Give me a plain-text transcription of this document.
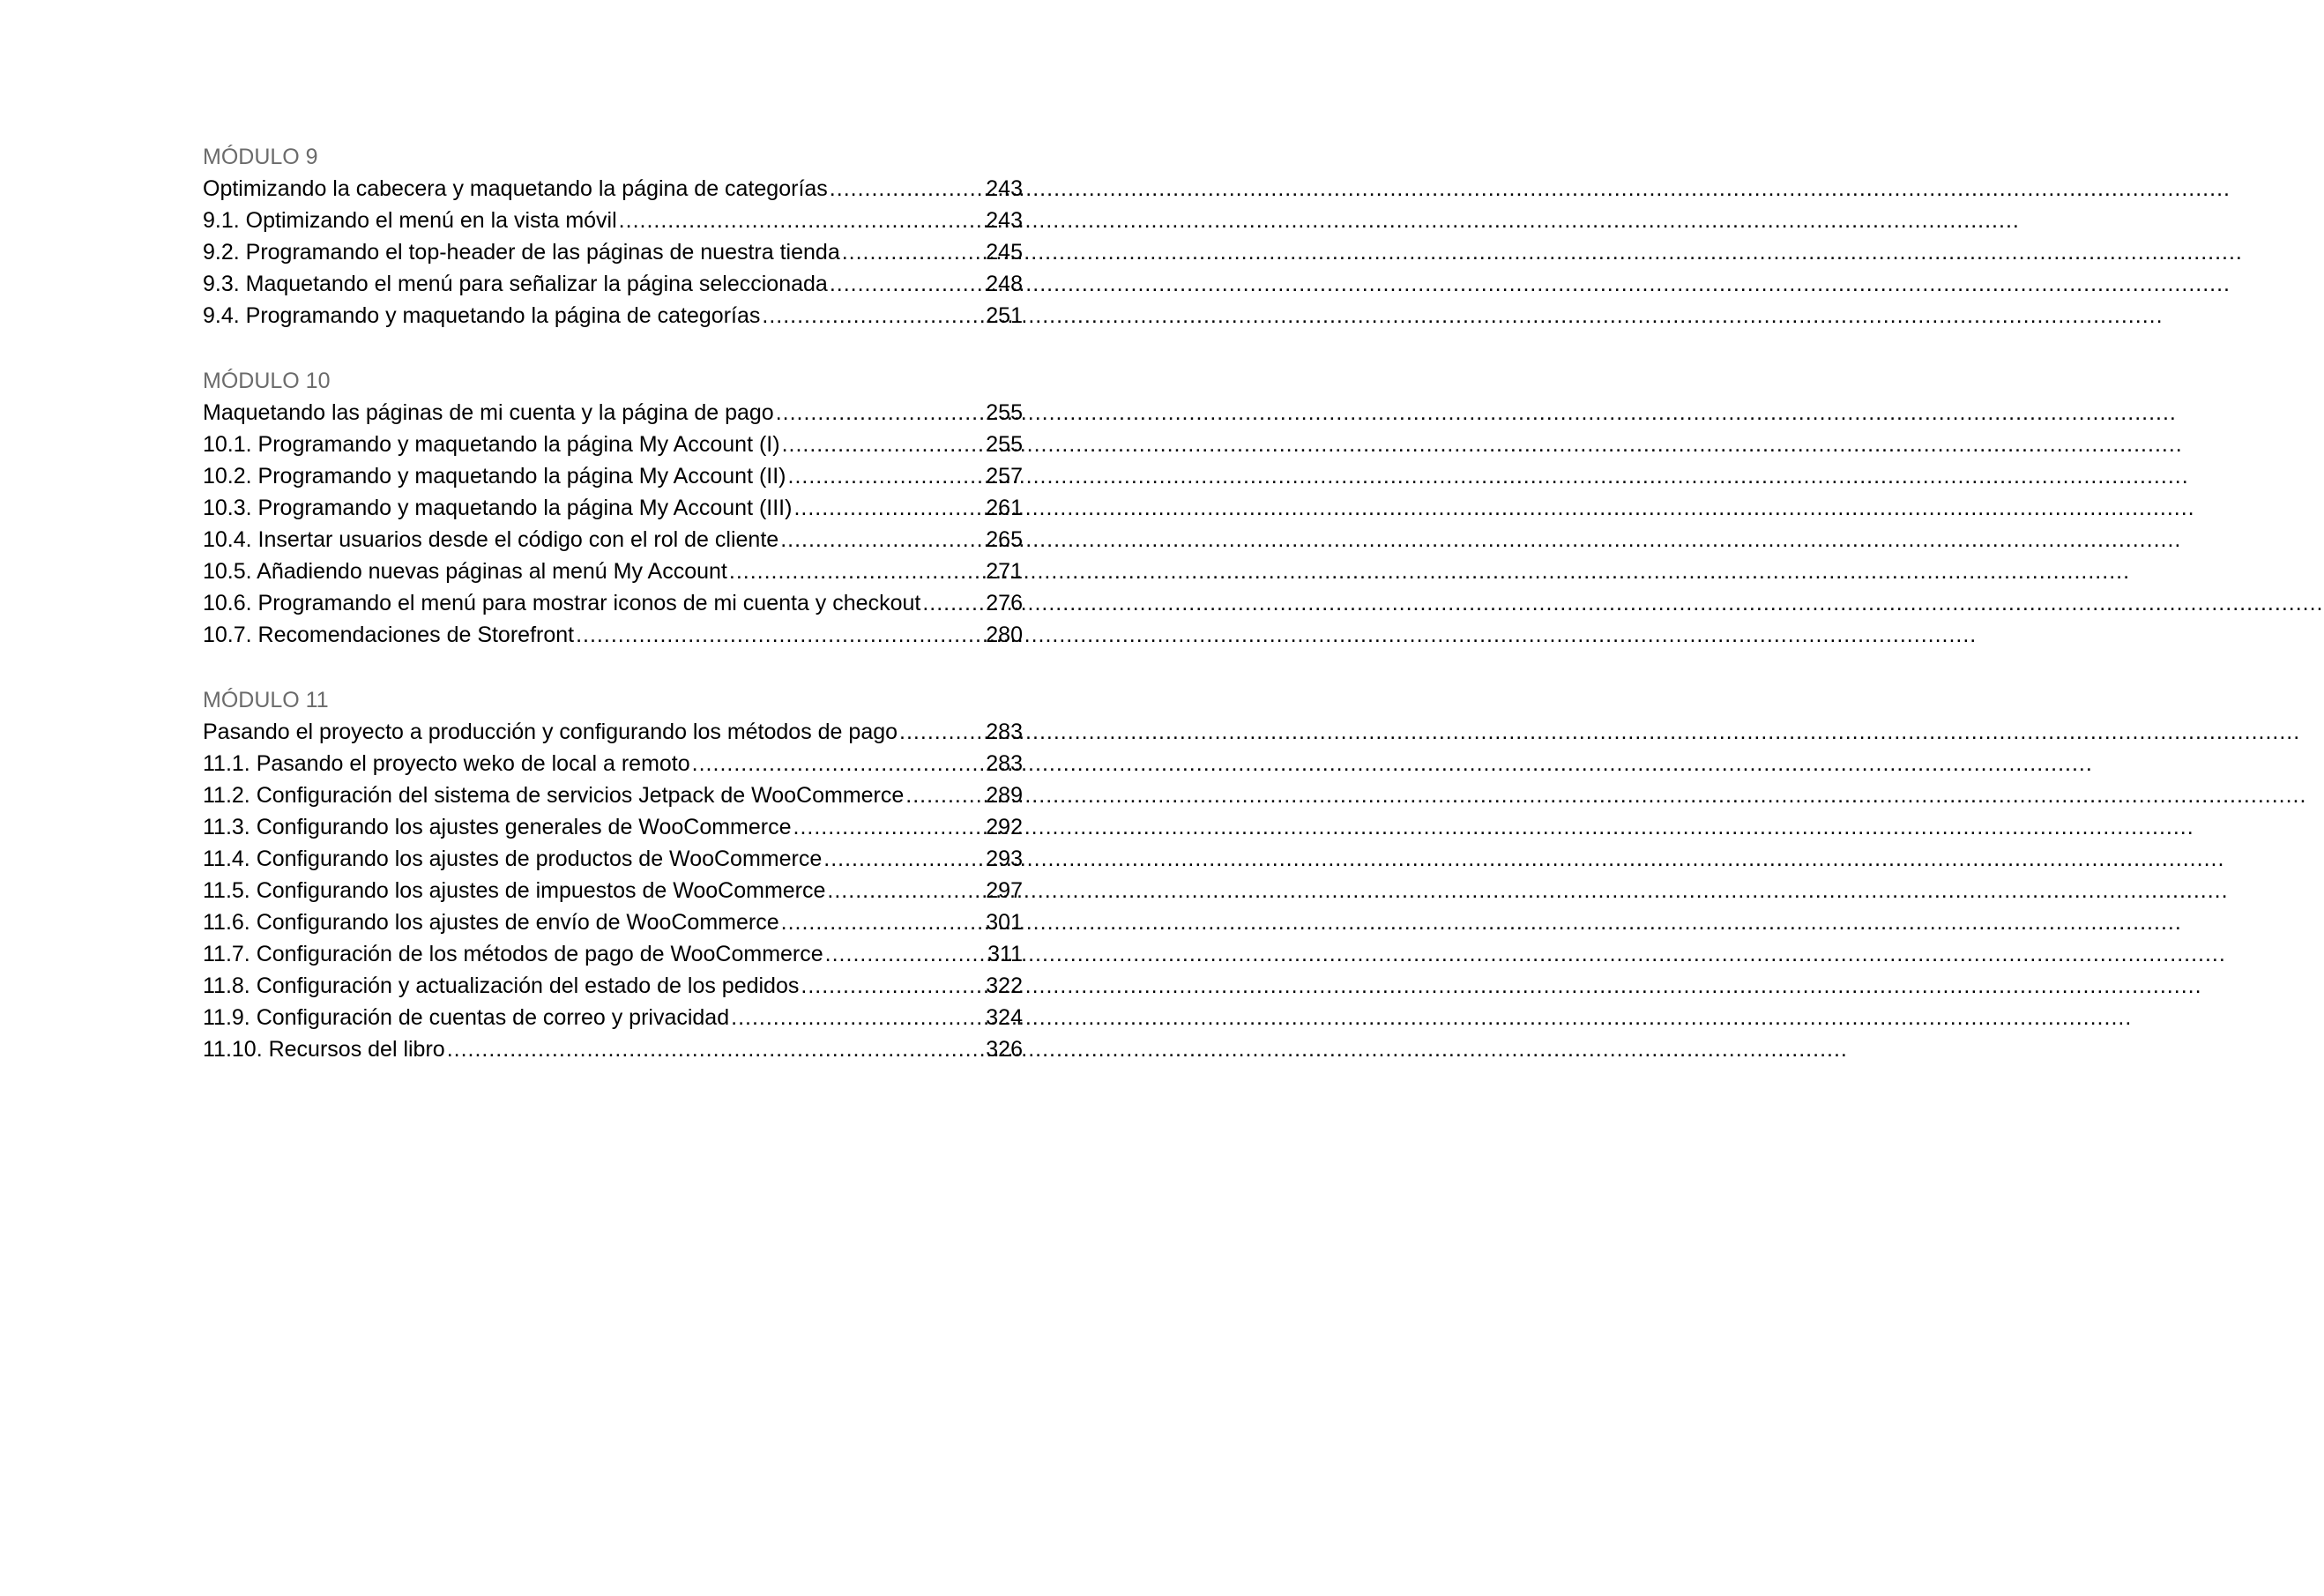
MÓDULO 9
Optimizando la cabecera y maquetando la página de categorías .....	243
9.1. Optimizando el menú en la vista móvil .....	243
9.2. Programando el top-header de las páginas de nuestra tienda .....	245
9.3. Maquetando el menú para señalizar la página seleccionada .....	248
9.4. Programando y maquetando la página de categorías .....	251
MÓDULO 10
Maquetando las páginas de mi cuenta y la página de pago .....	255
10.1. Programando y maquetando la página My Account (I) .....	255
10.2. Programando y maquetando la página My Account (II) .....	257
10.3. Programando y maquetando la página My Account (III) .....	261
10.4. Insertar usuarios desde el código con el rol de cliente .....	265
10.5. Añadiendo nuevas páginas al menú My Account .....	271
10.6. Programando el menú para mostrar iconos de mi cuenta y checkout .....	276
10.7. Recomendaciones de Storefront .....	280
MÓDULO 11
Pasando el proyecto a producción y configurando los métodos de pago .....	283
11.1. Pasando el proyecto weko de local a remoto .....	283
11.2. Configuración del sistema de servicios Jetpack de WooCommerce .....	289
11.3. Configurando los ajustes generales de WooCommerce .....	292
11.4. Configurando los ajustes de productos de WooCommerce .....	293
11.5. Configurando los ajustes de impuestos de WooCommerce .....	297
11.6. Configurando los ajustes de envío de WooCommerce .....	301
11.7. Configuración de los métodos de pago de WooCommerce .....	311
11.8. Configuración y actualización del estado de los pedidos .....	322
11.9. Configuración de cuentas de correo y privacidad .....	324
11.10. Recursos del libro .....	326
